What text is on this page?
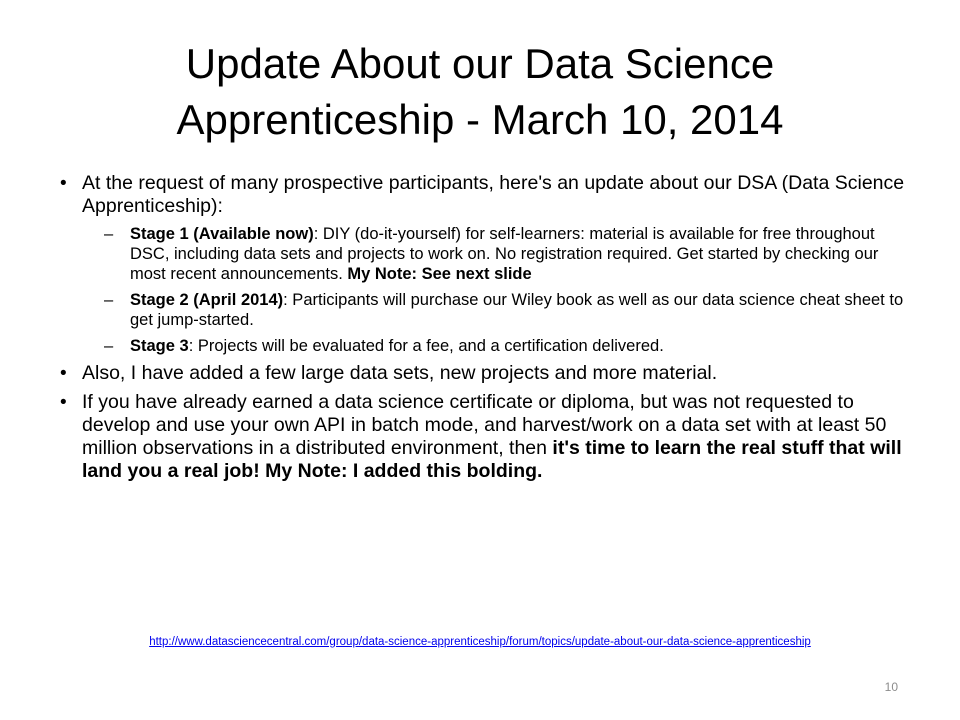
Update About our Data Science
Apprenticeship - March 10, 2014
• At the request of many prospective participants, here's an update about our DSA (Data Science Apprenticeship):
– Stage 1 (Available now): DIY (do-it-yourself) for self-learners: material is available for free throughout DSC, including data sets and projects to work on. No registration required. Get started by checking our most recent announcements. My Note: See next slide
– Stage 2 (April 2014): Participants will purchase our Wiley book as well as our data science cheat sheet to get jump-started.
– Stage 3: Projects will be evaluated for a fee, and a certification delivered.
• Also, I have added a few large data sets, new projects and more material.
• If you have already earned a data science certificate or diploma, but was not requested to develop and use your own API in batch mode, and harvest/work on a data set with at least 50 million observations in a distributed environment, then it's time to learn the real stuff that will land you a real job! My Note: I added this bolding.
http://www.datasciencecentral.com/group/data-science-apprenticeship/forum/topics/update-about-our-data-science-apprenticeship
10
